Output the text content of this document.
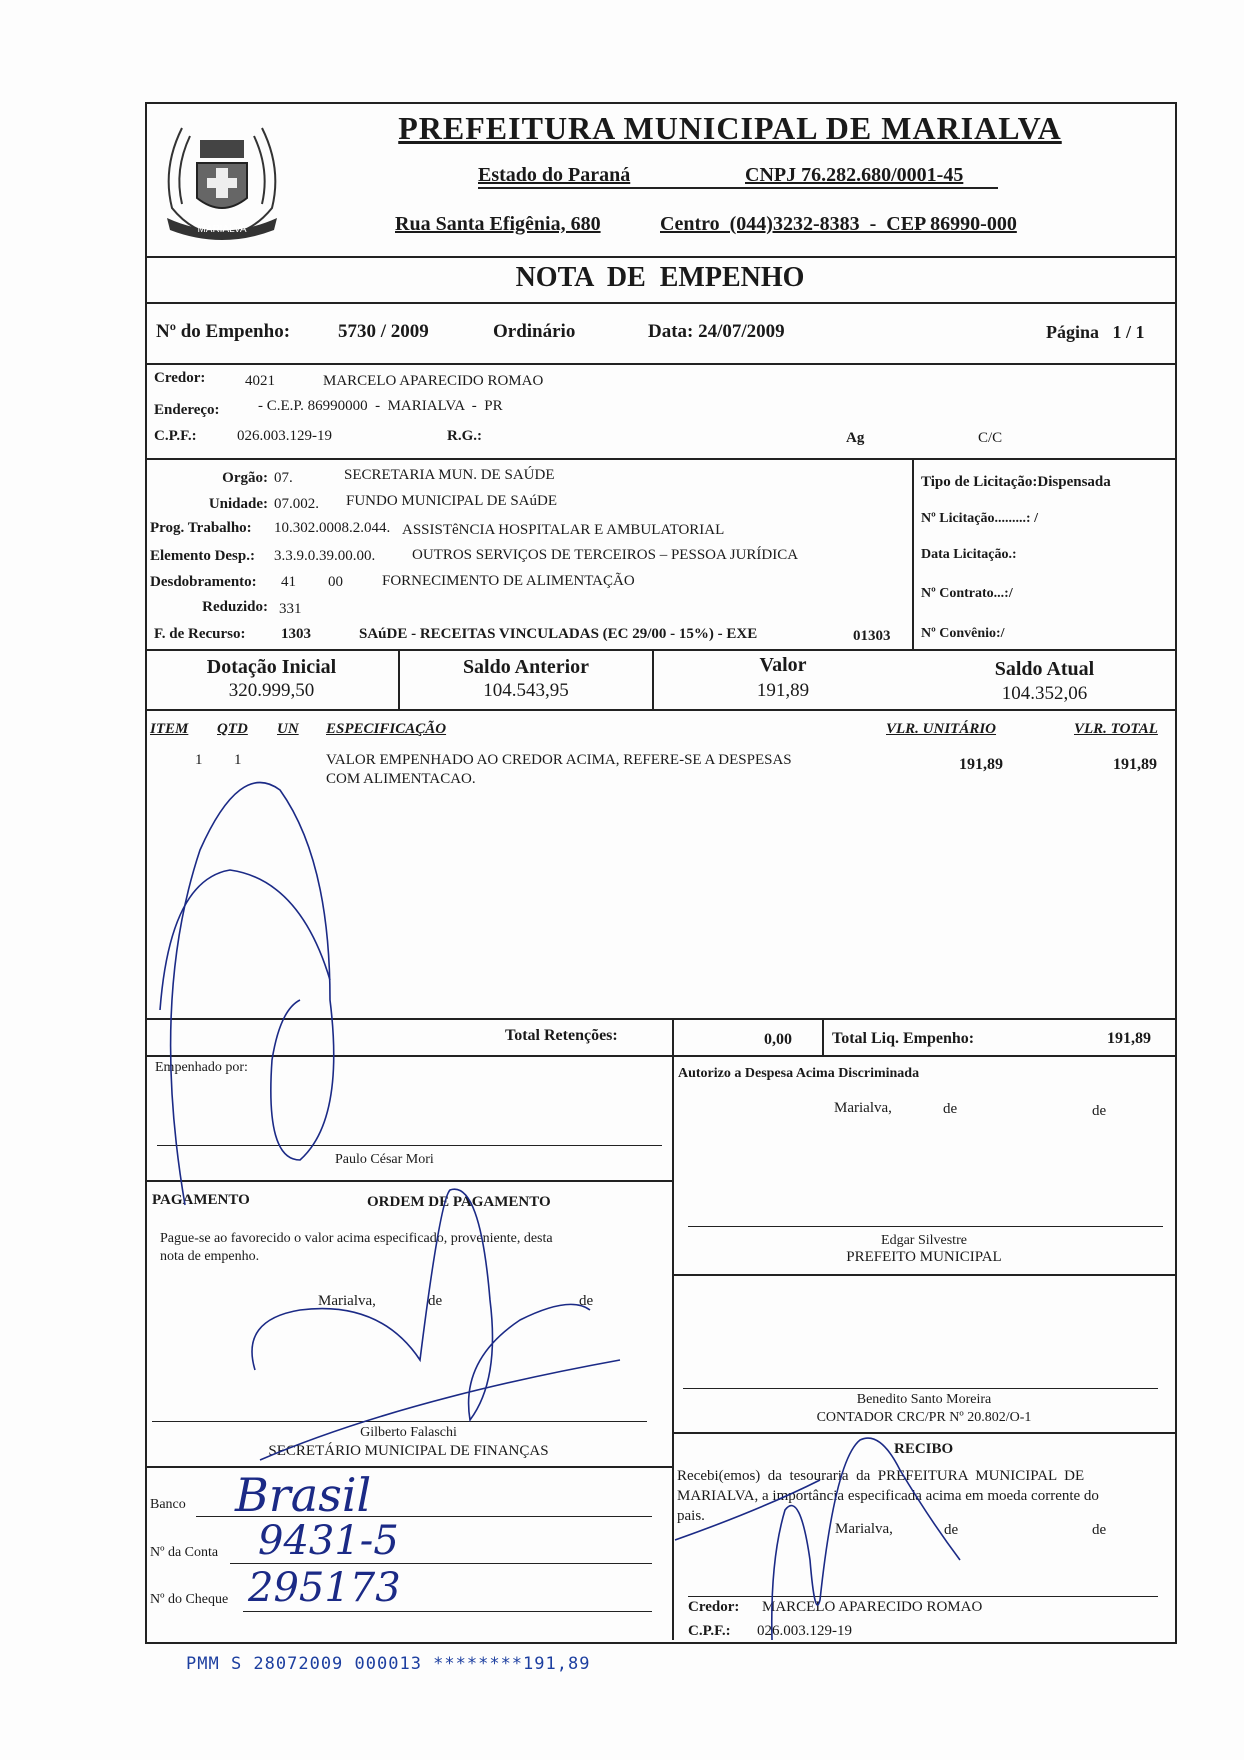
MARIALVA
PREFEITURA MUNICIPAL DE MARIALVA
Estado do Paraná	CNPJ 76.282.680/0001-45
Rua Santa Efigênia, 680	Centro  (044)3232-8383  -  CEP 86990-000
NOTA  DE  EMPENHO
Nº do Empenho:	5730 / 2009	Ordinário	Data: 24/07/2009	Página   1 / 1
Credor:	4021	MARCELO APARECIDO ROMAO
Endereço:	- C.E.P. 86990000  -  MARIALVA  -  PR
C.P.F.:	026.003.129-19	R.G.:	Ag	C/C
Orgão: 07.	SECRETARIA MUN. DE SAÚDE
Unidade: 07.002. FUNDO MUNICIPAL DE SAúDE
Prog. Trabalho: 10.302.0008.2.044. ASSISTêNCIA HOSPITALAR E AMBULATORIAL
Elemento Desp.: 3.3.9.0.39.00.00. OUTROS SERVIÇOS DE TERCEIROS – PESSOA JURÍDICA
Desdobramento: 41 00	FORNECIMENTO DE ALIMENTAÇÃO
Reduzido: 331
F. de Recurso: 1303	SAúDE - RECEITAS VINCULADAS (EC 29/00 - 15%) - EXE	01303
Tipo de Licitação:Dispensada
Nº Licitação.........: /
Data Licitação.:
Nº Contrato...:/
Nº Convênio:/
Dotação Inicial
320.999,50
Saldo Anterior
104.543,95
Valor
191,89
Saldo Atual
104.352,06
ITEM QTD UN ESPECIFICAÇÃO	VLR. UNITÁRIO	VLR. TOTAL
1 1	VALOR EMPENHADO AO CREDOR ACIMA, REFERE-SE A DESPESAS
COM ALIMENTACAO.
191,89	191,89
Total Retenções:	0,00	Total Liq. Empenho:	191,89
Empenhado por:
Paulo César Mori
Autorizo a Despesa Acima Discriminada
Marialva,	de	de
Edgar Silvestre
PREFEITO MUNICIPAL
Benedito Santo Moreira
CONTADOR CRC/PR Nº 20.802/O-1
RECIBO
Recebi(emos)  da  tesouraria  da  PREFEITURA  MUNICIPAL  DE
MARIALVA, a importância especificada acima em moeda corrente do
pais.
Marialva,	de	de
Credor: MARCELO APARECIDO ROMAO
C.P.F.: 026.003.129-19
PAGAMENTO	ORDEM DE PAGAMENTO
Pague-se ao favorecido o valor acima especificado, proveniente, desta
nota de empenho.
Marialva,	de	de
Gilberto Falaschi
SECRETÁRIO MUNICIPAL DE FINANÇAS
Banco Brasil
Nº da Conta 9431-5
Nº do Cheque 295173
PMM S 28072009 000013 ********191,89
